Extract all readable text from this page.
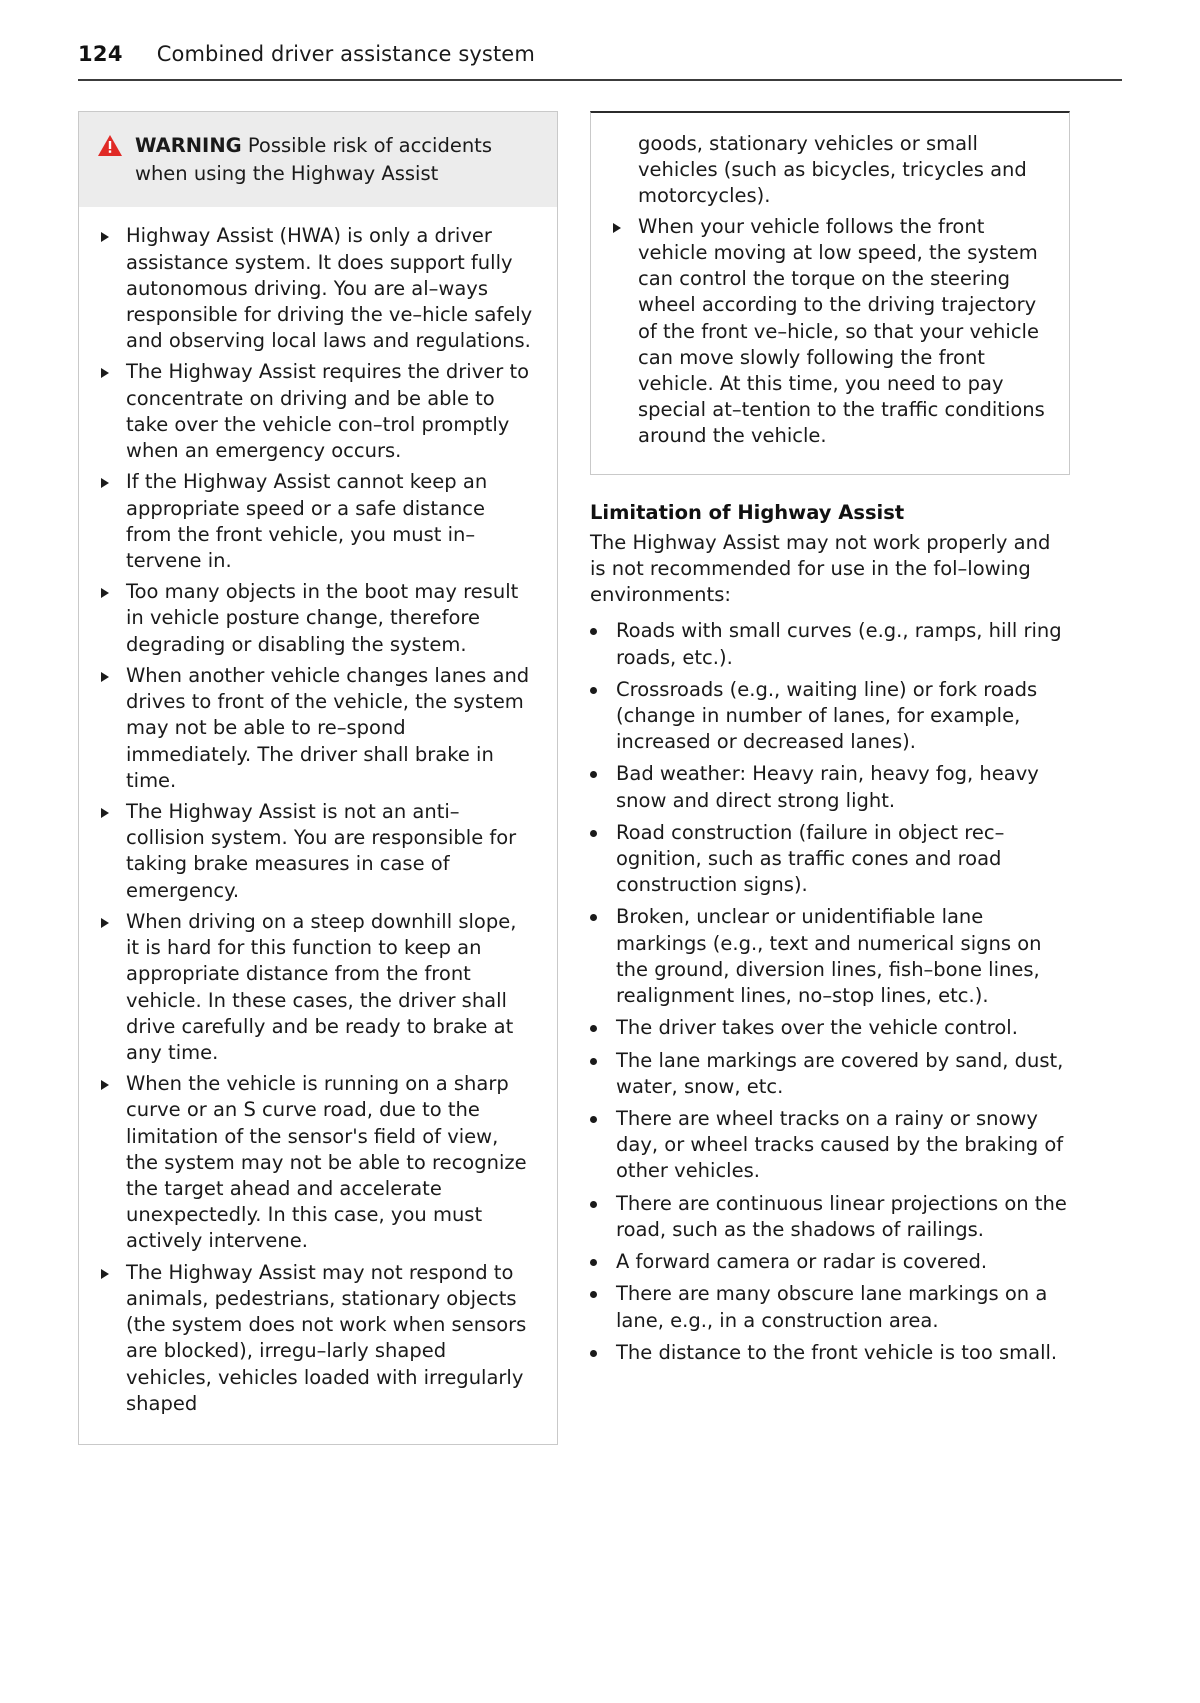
124 Combined driver assistance system
WARNING Possible risk of accidents when using the Highway Assist
Highway Assist (HWA) is only a driver assistance system. It does support fully autonomous driving. You are al–ways responsible for driving the ve–hicle safely and observing local laws and regulations.
The Highway Assist requires the driver to concentrate on driving and be able to take over the vehicle con–trol promptly when an emergency occurs.
If the Highway Assist cannot keep an appropriate speed or a safe distance from the front vehicle, you must in–tervene in.
Too many objects in the boot may result in vehicle posture change, therefore degrading or disabling the system.
When another vehicle changes lanes and drives to front of the vehicle, the system may not be able to re–spond immediately. The driver shall brake in time.
The Highway Assist is not an anti–collision system. You are responsible for taking brake measures in case of emergency.
When driving on a steep downhill slope, it is hard for this function to keep an appropriate distance from the front vehicle. In these cases, the driver shall drive carefully and be ready to brake at any time.
When the vehicle is running on a sharp curve or an S curve road, due to the limitation of the sensor's field of view, the system may not be able to recognize the target ahead and accelerate unexpectedly. In this case, you must actively intervene.
The Highway Assist may not respond to animals, pedestrians, stationary objects (the system does not work when sensors are blocked), irregu–larly shaped vehicles, vehicles loaded with irregularly shaped
goods, stationary vehicles or small vehicles (such as bicycles, tricycles and motorcycles).
When your vehicle follows the front vehicle moving at low speed, the system can control the torque on the steering wheel according to the driving trajectory of the front ve–hicle, so that your vehicle can move slowly following the front vehicle. At this time, you need to pay special at–tention to the traffic conditions around the vehicle.
Limitation of Highway Assist

The Highway Assist may not work properly and is not recommended for use in the fol–lowing environments:

Roads with small curves (e.g., ramps, hill ring roads, etc.).
Crossroads (e.g., waiting line) or fork roads (change in number of lanes, for example, increased or decreased lanes).
Bad weather: Heavy rain, heavy fog, heavy snow and direct strong light.
Road construction (failure in object rec–ognition, such as traffic cones and road construction signs).
Broken, unclear or unidentifiable lane markings (e.g., text and numerical signs on the ground, diversion lines, fish–bone lines, realignment lines, no–stop lines, etc.).
The driver takes over the vehicle control.
The lane markings are covered by sand, dust, water, snow, etc.
There are wheel tracks on a rainy or snowy day, or wheel tracks caused by the braking of other vehicles.
There are continuous linear projections on the road, such as the shadows of railings.
A forward camera or radar is covered.
There are many obscure lane markings on a lane, e.g., in a construction area.
The distance to the front vehicle is too small.
